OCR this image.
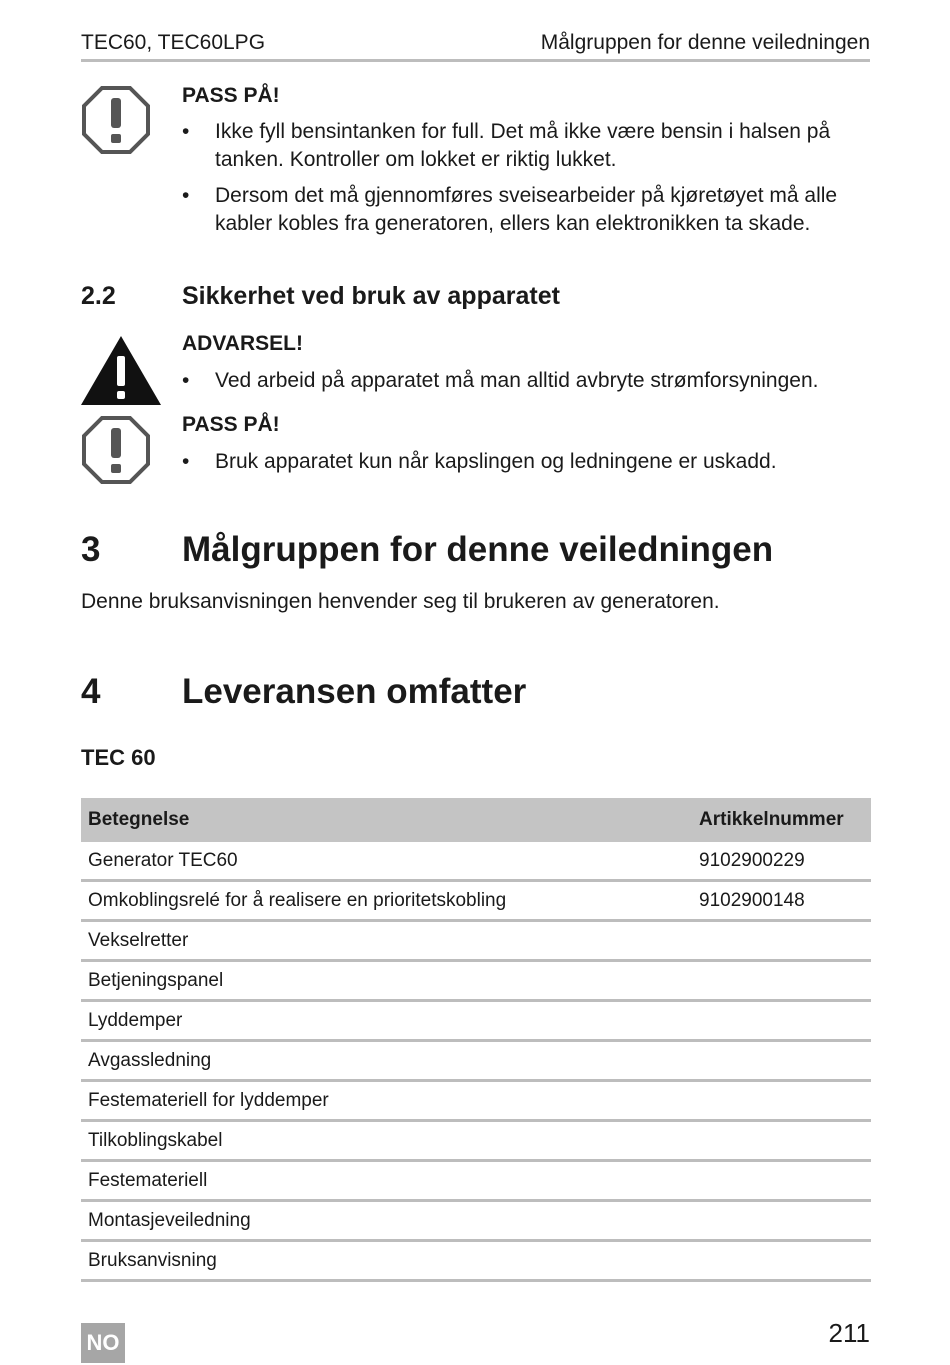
TEC60, TEC60LPG	Målgruppen for denne veiledningen
PASS PÅ!
• Ikke fyll bensintanken for full. Det må ikke være bensin i halsen på tanken. Kontroller om lokket er riktig lukket.
• Dersom det må gjennomføres sveisearbeider på kjøretøyet må alle kabler kobles fra generatoren, ellers kan elektronikken ta skade.
2.2	Sikkerhet ved bruk av apparatet
ADVARSEL!
• Ved arbeid på apparatet må man alltid avbryte strømforsyningen.
PASS PÅ!
• Bruk apparatet kun når kapslingen og ledningene er uskadd.
3 Målgruppen for denne veiledningen
Denne bruksanvisningen henvender seg til brukeren av generatoren.
4 Leveransen omfatter
TEC 60
Betegnelse	Artikkelnummer
Generator TEC60	9102900229
Omkoblingsrelé for å realisere en prioritetskobling	9102900148
Vekselretter	
Betjeningspanel	
Lyddemper	
Avgassledning	
Festemateriell for lyddemper	
Tilkoblingskabel	
Festemateriell	
Montasjeveiledning	
Bruksanvisning	
NO	211
